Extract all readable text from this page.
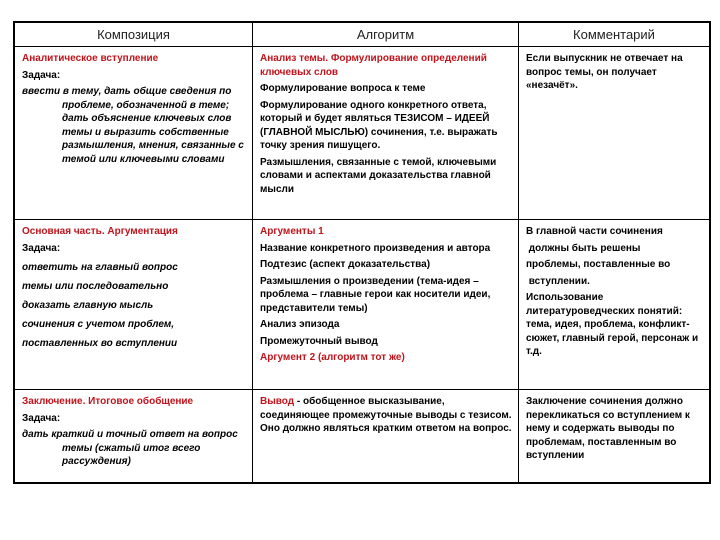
Композиция	Алгоритм	Комментарий

Аналитическое вступление

Задача:

ввести в тему, дать общие сведения по проблеме, обозначенной в теме; дать объяснение ключевых слов темы и выразить собственные размышления, мнения, связанные с темой или ключевыми словами

Анализ темы. Формулирование определений ключевых слов

Формулирование вопроса к теме

Формулирование одного конкретного ответа, который и будет являться ТЕЗИСОМ – ИДЕЕЙ (ГЛАВНОЙ МЫСЛЬЮ) сочинения, т.е. выражать точку зрения пишущего.

Размышления, связанные с темой, ключевыми словами и аспектами доказательства главной мысли

Если выпускник не отвечает на вопрос темы, он получает «незачёт».

Основная часть. Аргументация

Задача:

ответить на главный вопрос

темы или последовательно

доказать главную мысль

сочинения с учетом проблем,

поставленных во вступлении

Аргументы 1

Название конкретного произведения и автора

Подтезис (аспект доказательства)

Размышления о произведении (тема-идея – проблема – главные герои как носители идеи, представители темы)

Анализ эпизода

Промежуточный вывод

Аргумент 2 (алгоритм тот же)

В главной части сочинения

должны быть решены

проблемы, поставленные во

вступлении.

Использование литературоведческих понятий: тема, идея, проблема, конфликт-сюжет, главный герой, персонаж и т.д.

Заключение. Итоговое обобщение

Задача:

дать краткий и точный ответ на вопрос темы (сжатый итог всего рассуждения)

Вывод - обобщенное высказывание, соединяющее промежуточные выводы с тезисом. Оно должно являться кратким ответом на вопрос.

Заключение сочинения должно перекликаться со вступлением к нему и содержать выводы по проблемам, поставленным во вступлении
